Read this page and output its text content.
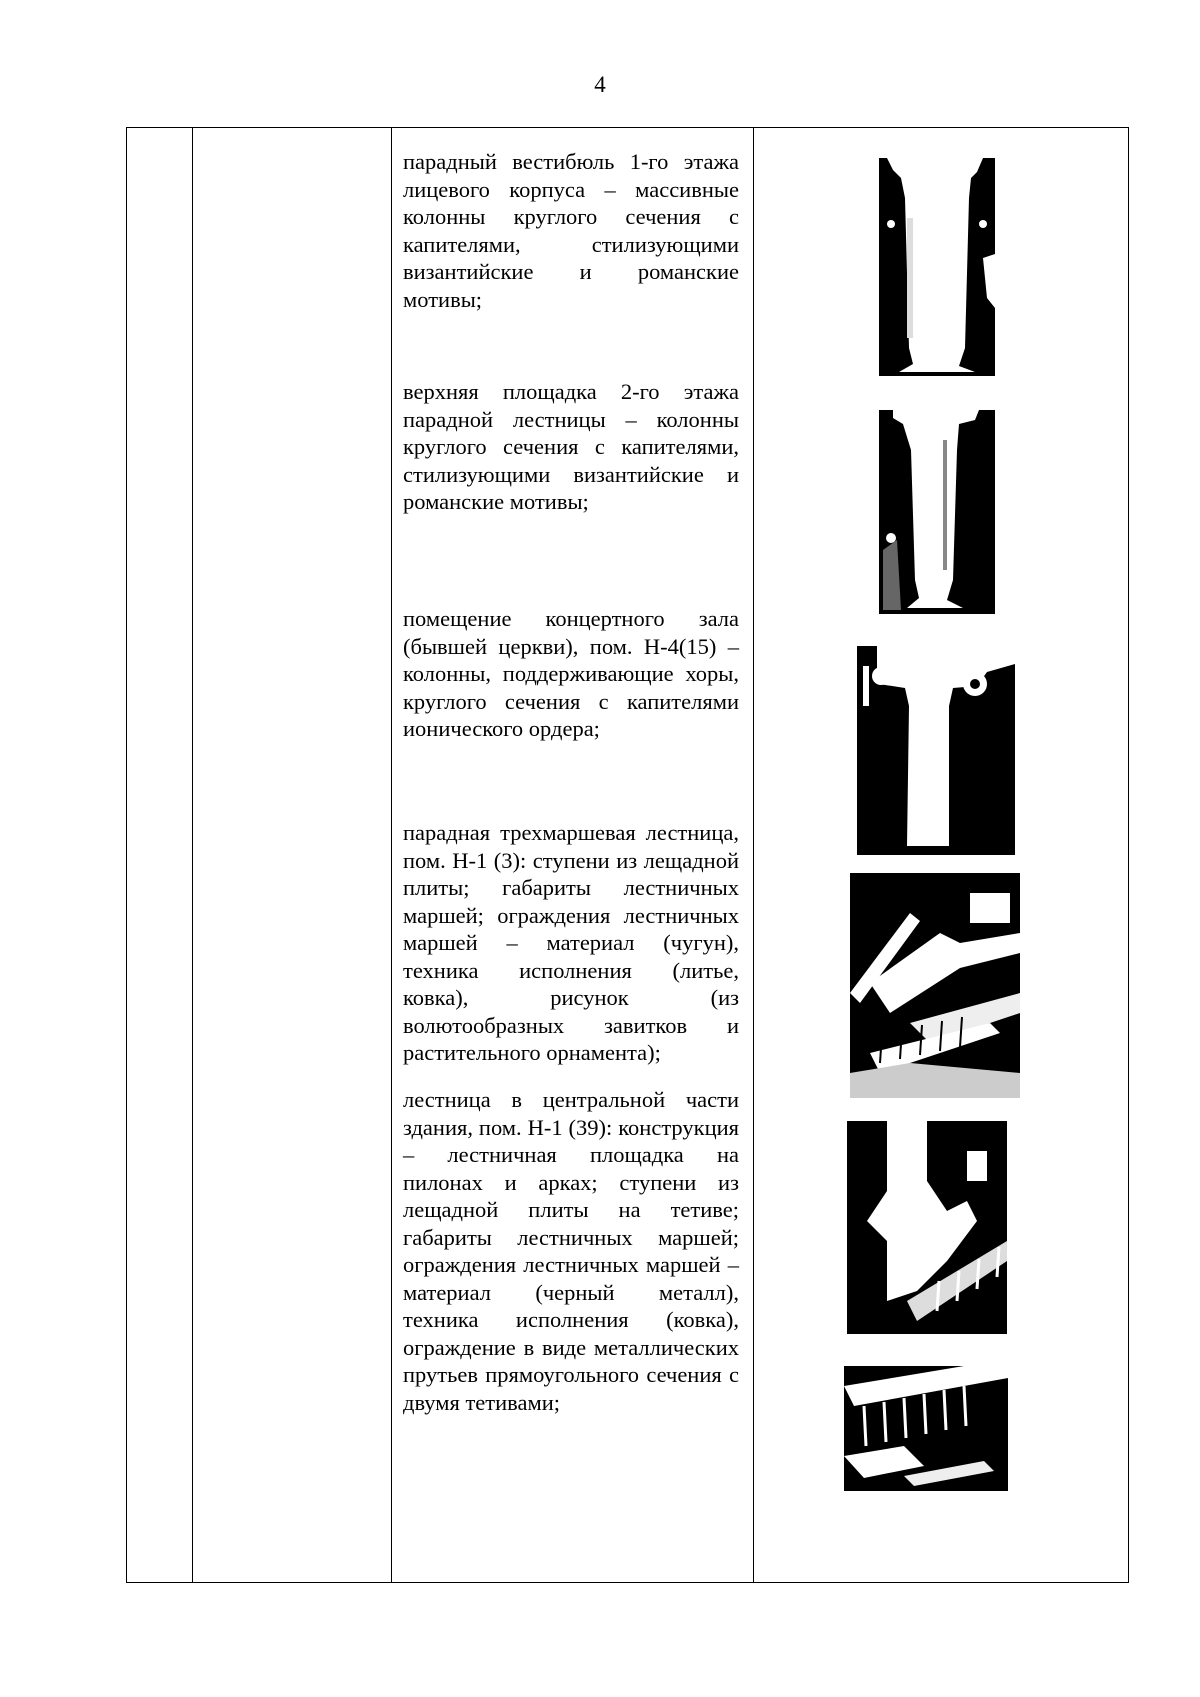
4

парадный вестибюль 1-го этажа лицевого корпуса – массивные колонны круглого сечения с капителями, стилизующими византийские и романские мотивы;
верхняя площадка 2-го этажа парадной лестницы – колонны круглого сечения с капителями, стилизующими византийские и романские мотивы;
помещение концертного зала (бывшей церкви), пом. Н-4(15) – колонны, поддерживающие хоры, круглого сечения с капителями ионического ордера;
парадная трехмаршевая лестница, пом. Н-1 (3): ступени из лещадной плиты; габариты лестничных маршей; ограждения лестничных маршей – материал (чугун), техника исполнения (литье, ковка), рисунок (из волютообразных завитков и растительного орнамента);
лестница в центральной части здания, пом. Н-1 (39): конструкция – лестничная площадка на пилонах и арках; ступени из лещадной плиты на тетиве; габариты лестничных маршей; ограждения лестничных маршей – материал (черный металл), техника исполнения (ковка), ограждение в виде металлических прутьев прямоугольного сечения с двумя тетивами;
